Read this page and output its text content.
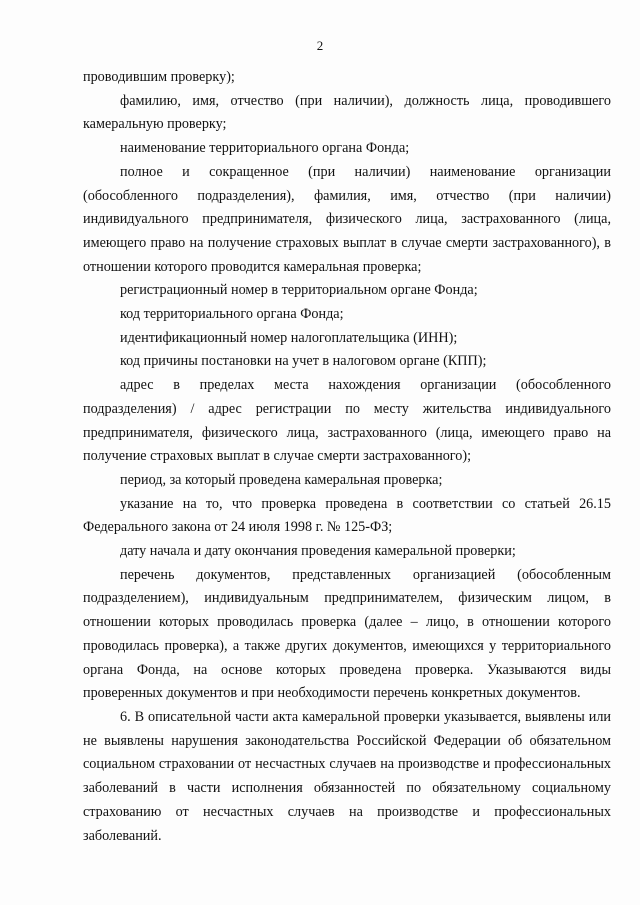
2

проводившим проверку);

фамилию, имя, отчество (при наличии), должность лица, проводившего камеральную проверку;

наименование территориального органа Фонда;

полное и сокращенное (при наличии) наименование организации (обособленного подразделения), фамилия, имя, отчество (при наличии) индивидуального предпринимателя, физического лица, застрахованного (лица, имеющего право на получение страховых выплат в случае смерти застрахованного), в отношении которого проводится камеральная проверка;

регистрационный номер в территориальном органе Фонда;

код территориального органа Фонда;

идентификационный номер налогоплательщика (ИНН);

код причины постановки на учет в налоговом органе (КПП);

адрес в пределах места нахождения организации (обособленного подразделения) / адрес регистрации по месту жительства индивидуального предпринимателя, физического лица, застрахованного (лица, имеющего право на получение страховых выплат в случае смерти застрахованного);

период, за который проведена камеральная проверка;

указание на то, что проверка проведена в соответствии со статьей 26.15 Федерального закона от 24 июля 1998 г. № 125-ФЗ;

дату начала и дату окончания проведения камеральной проверки;

перечень документов, представленных организацией (обособленным подразделением), индивидуальным предпринимателем, физическим лицом, в отношении которых проводилась проверка (далее – лицо, в отношении которого проводилась проверка), а также других документов, имеющихся у территориального органа Фонда, на основе которых проведена проверка. Указываются виды проверенных документов и при необходимости перечень конкретных документов.

6. В описательной части акта камеральной проверки указывается, выявлены или не выявлены нарушения законодательства Российской Федерации об обязательном социальном страховании от несчастных случаев на производстве и профессиональных заболеваний в части исполнения обязанностей по обязательному социальному страхованию от несчастных случаев на производстве и профессиональных заболеваний.
